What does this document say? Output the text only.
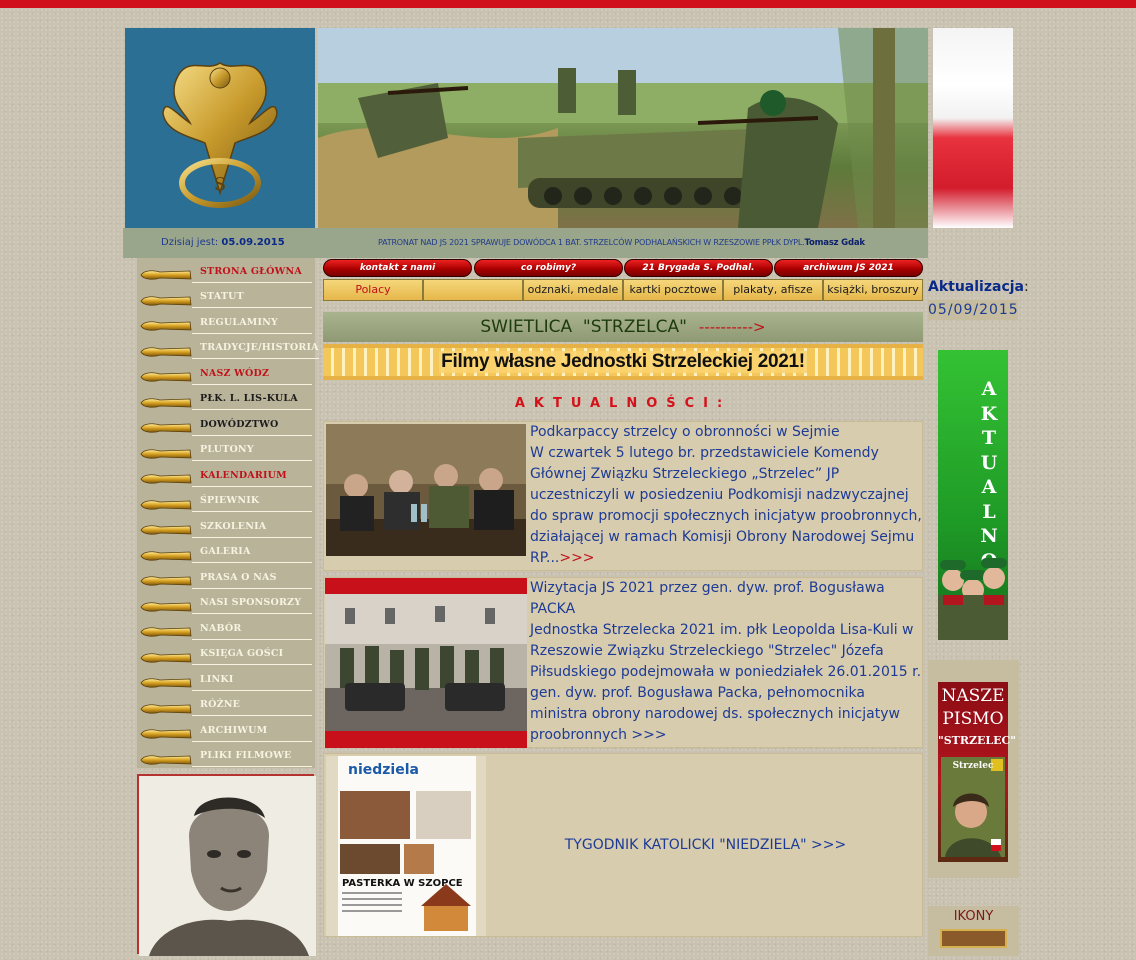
S
Dzisiaj jest: 05.09.2015	PATRONAT NAD JS 2021 SPRAWUJE DOWÓDCA 1 BAT. STRZELCÓW PODHALAŃSKICH W RZESZOWIE PPŁK DYPL.Tomasz Gdak
STRONA GŁÓWNA
STATUT
REGULAMINY
TRADYCJE/HISTORIA
NASZ WÓDZ
PŁK. L. LIS-KULA
DOWÓDZTWO
PLUTONY
KALENDARIUM
ŚPIEWNIK
SZKOLENIA
GALERIA
PRASA O NAS
NASI SPONSORZY
NABÓR
KSIĘGA GOŚCI
LINKI
RÓŻNE
ARCHIWUM
PLIKI FILMOWE
kontakt z nami	co robimy?	21 Brygada S. Podhal.	archiwum JS 2021
Polacy	odznaki, medale	kartki pocztowe	plakaty, afisze	książki, broszury
SWIETLICA  "STRZELCA" ---------->
Filmy własne Jednostki Strzeleckiej 2021!
AKTUALNOŚCI:
Podkarpaccy strzelcy o obronności w Sejmie
W czwartek 5 lutego br. przedstawiciele Komendy Głównej Związku Strzeleckiego „Strzelec” JP uczestniczyli w posiedzeniu Podkomisji nadzwyczajnej do spraw promocji społecznych inicjatyw proobronnych, działającej w ramach Komisji Obrony Narodowej Sejmu RP...>>>
Wizytacja JS 2021 przez gen. dyw. prof. Bogusława PACKA
Jednostka Strzelecka 2021 im. płk Leopolda Lisa-Kuli w Rzeszowie Związku Strzeleckiego "Strzelec" Józefa Piłsudskiego podejmowała w poniedziałek 26.01.2015 r. gen. dyw. prof. Bogusława Packa, pełnomocnika ministra obrony narodowej ds. społecznych inicjatyw proobronnych >>>
niedziela
PASTERKA W SZOPCE
TYGODNIK KATOLICKI "NIEDZIELA"
>>>
Aktualizacja:
05/09/2015
A
K
T
U
A
L
N
NASZE
PISMO
"STRZELEC"
Strzelec
IKONY
